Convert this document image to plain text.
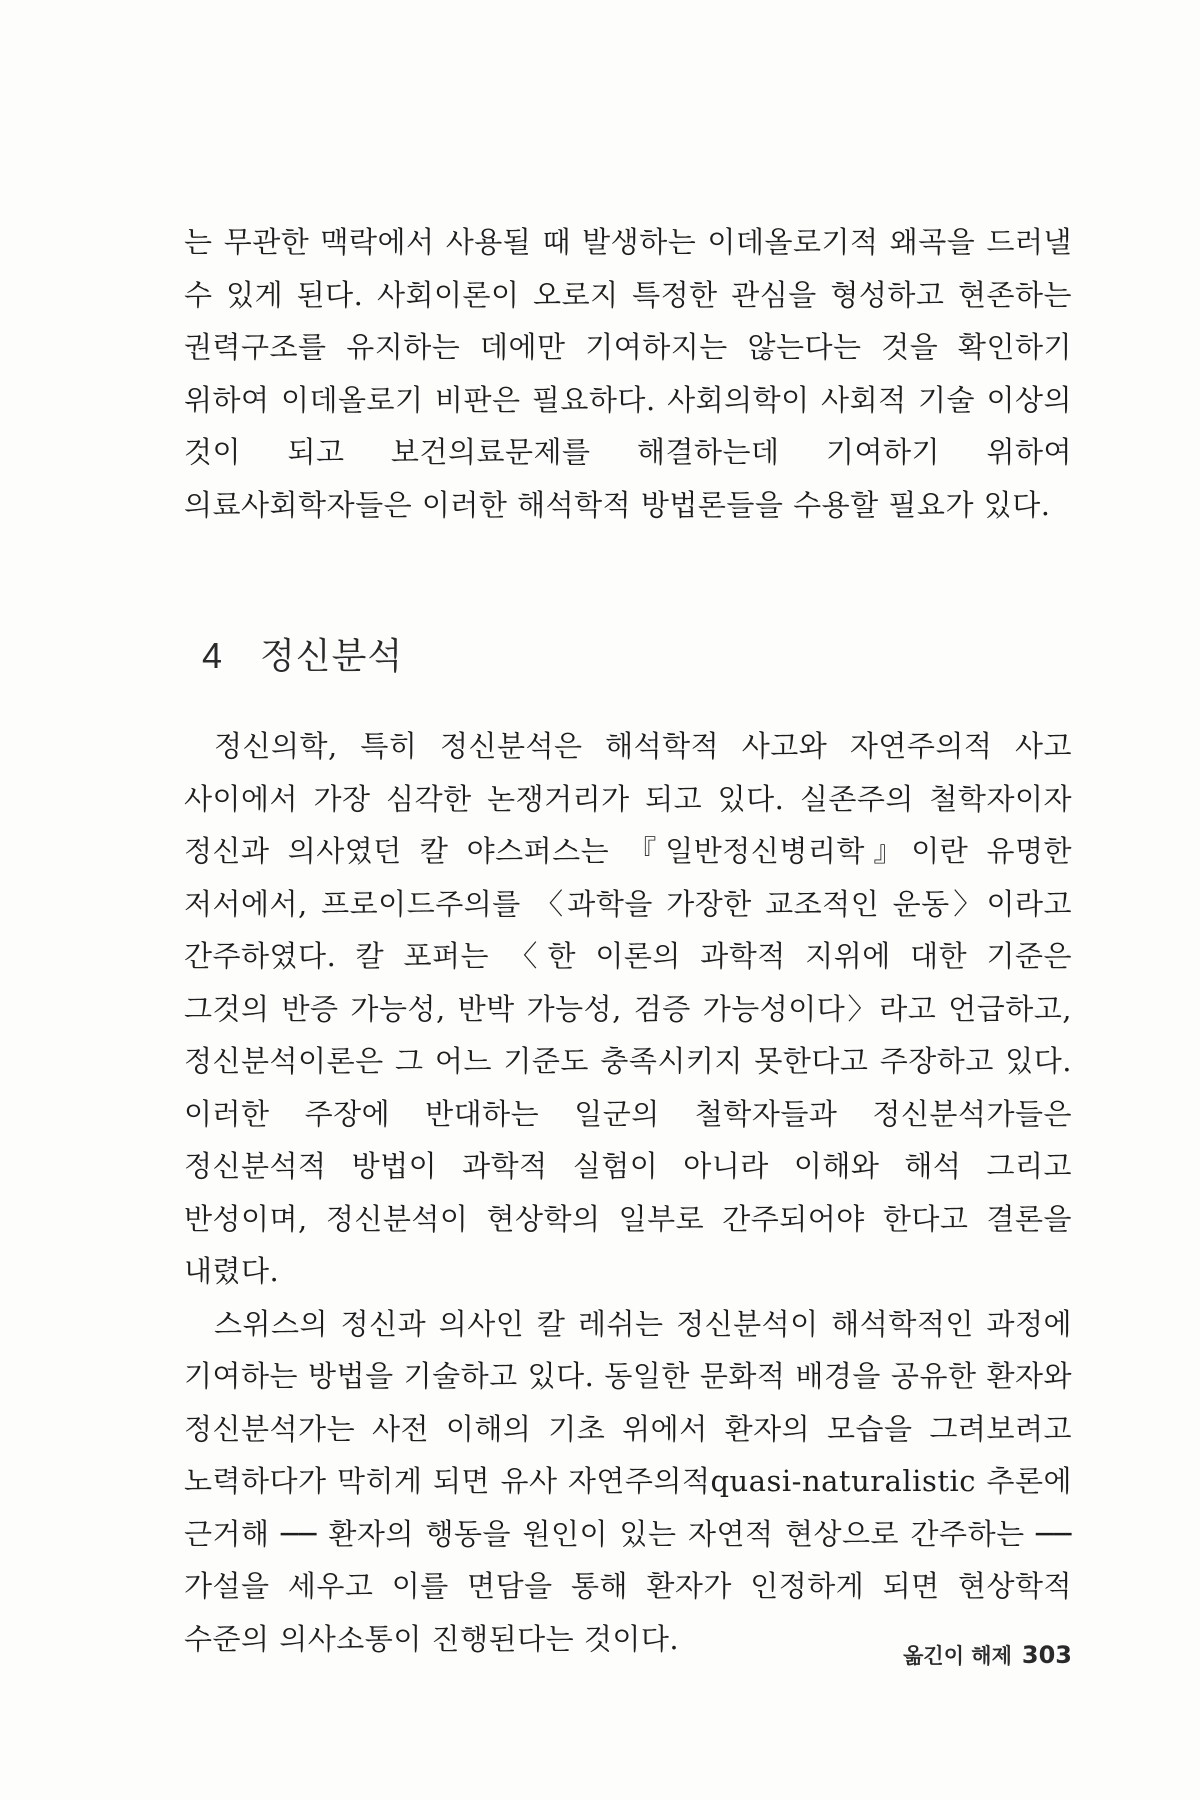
는 무관한 맥락에서 사용될 때 발생하는 이데올로기적 왜곡을 드러낼 수 있게 된다. 사회이론이 오로지 특정한 관심을 형성하고 현존하는 권력구조를 유지하는 데에만 기여하지는 않는다는 것을 확인하기 위하여 이데올로기 비판은 필요하다. 사회의학이 사회적 기술 이상의 것이 되고 보건의료문제를 해결하는데 기여하기 위하여 의료사회학자들은 이러한 해석학적 방법론들을 수용할 필요가 있다.

4 정신분석

정신의학, 특히 정신분석은 해석학적 사고와 자연주의적 사고 사이에서 가장 심각한 논쟁거리가 되고 있다. 실존주의 철학자이자 정신과 의사였던 칼 야스퍼스는 『일반정신병리학』이란 유명한 저서에서, 프로이드주의를 〈과학을 가장한 교조적인 운동〉이라고 간주하였다. 칼 포퍼는 〈한 이론의 과학적 지위에 대한 기준은 그것의 반증 가능성, 반박 가능성, 검증 가능성이다〉라고 언급하고, 정신분석이론은 그 어느 기준도 충족시키지 못한다고 주장하고 있다. 이러한 주장에 반대하는 일군의 철학자들과 정신분석가들은 정신분석적 방법이 과학적 실험이 아니라 이해와 해석 그리고 반성이며, 정신분석이 현상학의 일부로 간주되어야 한다고 결론을 내렸다.

스위스의 정신과 의사인 칼 레쉬는 정신분석이 해석학적인 과정에 기여하는 방법을 기술하고 있다. 동일한 문화적 배경을 공유한 환자와 정신분석가는 사전 이해의 기초 위에서 환자의 모습을 그려보려고 노력하다가 막히게 되면 유사 자연주의적quasi-naturalistic 추론에 근거해 ── 환자의 행동을 원인이 있는 자연적 현상으로 간주하는 ── 가설을 세우고 이를 면담을 통해 환자가 인정하게 되면 현상학적 수준의 의사소통이 진행된다는 것이다.

옮긴이 해제 303
